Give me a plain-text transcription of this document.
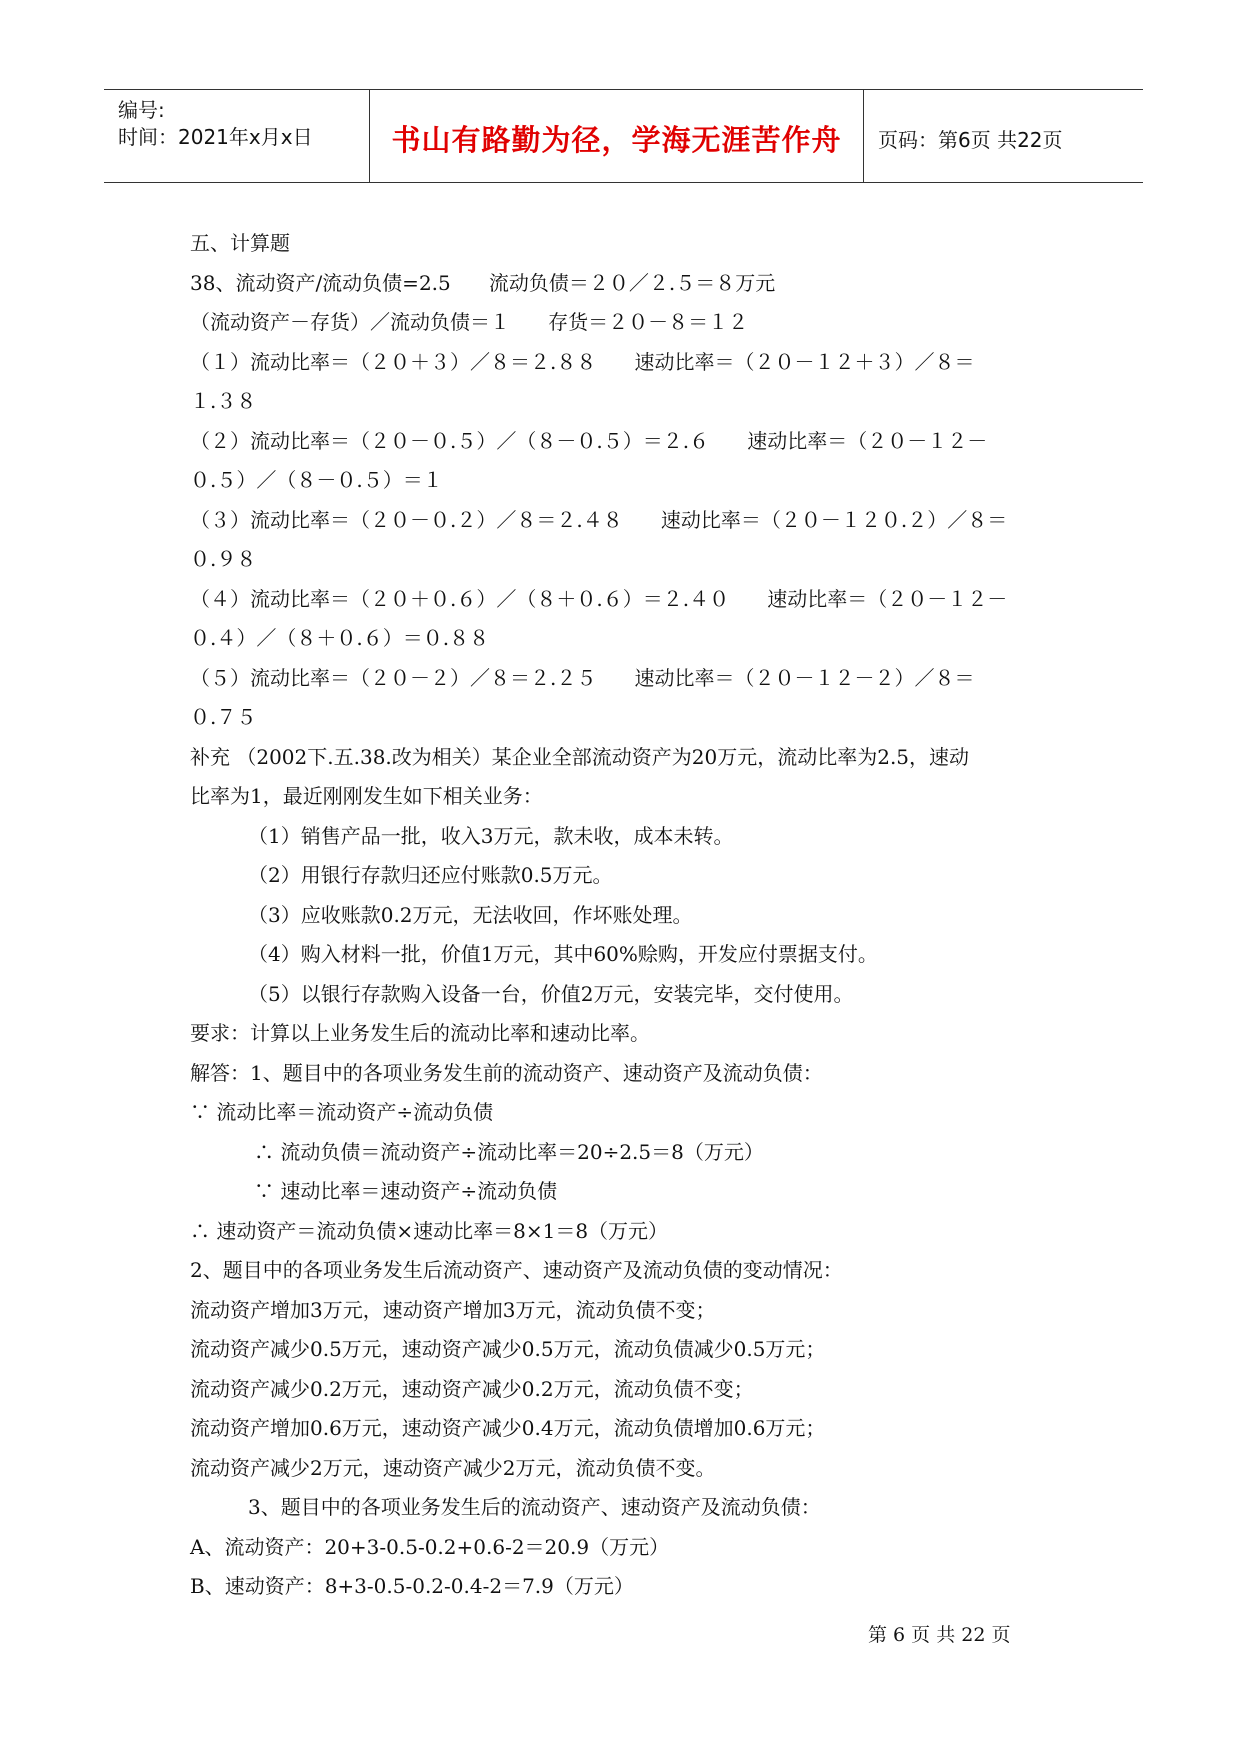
编号:
时间：2021年x月x日	书山有路勤为径，学海无涯苦作舟	页码：第6页 共22页
五、计算题
38、流动资产/流动负债=2.5      流动负债＝２０／２.５＝８万元
（流动资产－存货）／流动负债＝１      存货＝２０－８＝１２
（１）流动比率＝（２０＋３）／８＝２.８８      速动比率＝（２０－１２＋３）／８＝
１.３８
（２）流动比率＝（２０－０.５）／（８－０.５）＝２.６      速动比率＝（２０－１２－
０.５）／（８－０.５）＝１
（３）流动比率＝（２０－０.２）／８＝２.４８      速动比率＝（２０－１２０.２）／８＝
０.９８
（４）流动比率＝（２０＋０.６）／（８＋０.６）＝２.４０      速动比率＝（２０－１２－
０.４）／（８＋０.６）＝０.８８
（５）流动比率＝（２０－２）／８＝２.２５      速动比率＝（２０－１２－２）／８＝
０.７５
补充 （2002下.五.38.改为相关）某企业全部流动资产为20万元，流动比率为2.5，速动
比率为1，最近刚刚发生如下相关业务：
（1）销售产品一批，收入3万元，款未收，成本未转。
（2）用银行存款归还应付账款0.5万元。
（3）应收账款0.2万元，无法收回，作坏账处理。
（4）购入材料一批，价值1万元，其中60%赊购，开发应付票据支付。
（5）以银行存款购入设备一台，价值2万元，安装完毕，交付使用。
要求：计算以上业务发生后的流动比率和速动比率。
解答：1、题目中的各项业务发生前的流动资产、速动资产及流动负债：
∵ 流动比率＝流动资产÷流动负债
∴ 流动负债＝流动资产÷流动比率＝20÷2.5＝8（万元）
∵ 速动比率＝速动资产÷流动负债
∴ 速动资产＝流动负债×速动比率＝8×1＝8（万元）
2、题目中的各项业务发生后流动资产、速动资产及流动负债的变动情况：
流动资产增加3万元，速动资产增加3万元，流动负债不变；
流动资产减少0.5万元，速动资产减少0.5万元，流动负债减少0.5万元；
流动资产减少0.2万元，速动资产减少0.2万元，流动负债不变；
流动资产增加0.6万元，速动资产减少0.4万元，流动负债增加0.6万元；
流动资产减少2万元，速动资产减少2万元，流动负债不变。
3、题目中的各项业务发生后的流动资产、速动资产及流动负债：
A、流动资产：20+3-0.5-0.2+0.6-2＝20.9（万元）
B、速动资产：8+3-0.5-0.2-0.4-2＝7.9（万元）
第 6 页 共 22 页
